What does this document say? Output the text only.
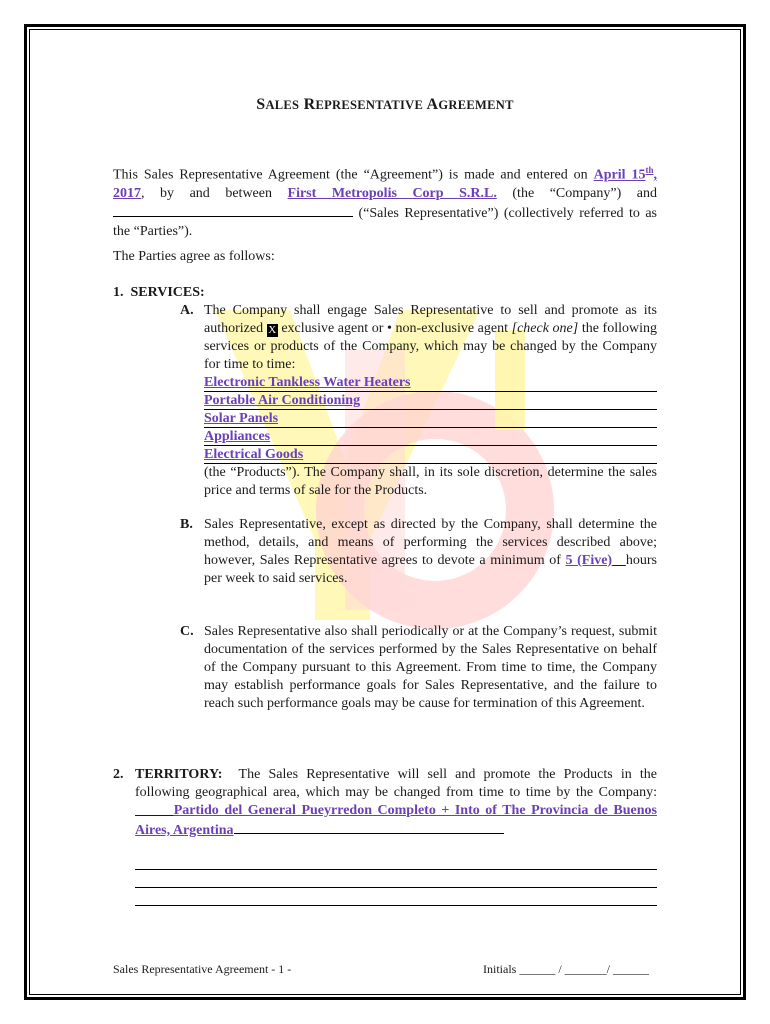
SALES REPRESENTATIVE AGREEMENT

This Sales Representative Agreement (the “Agreement”) is made and entered on April 15th, 2017, by and between First Metropolis Corp S.R.L. (the “Company”) and  (“Sales Representative”) (collectively referred to as the “Parties”).

The Parties agree as follows:
1. SERVICES:
A. The Company shall engage Sales Representative to sell and promote as its authorized X exclusive agent or • non-exclusive agent [check one] the following services or products of the Company, which may be changed by the Company for time to time:
Electronic Tankless Water Heaters
Portable Air Conditioning
Solar Panels
Appliances
Electrical Goods
(the “Products”). The Company shall, in its sole discretion, determine the sales price and terms of sale for the Products.
B. Sales Representative, except as directed by the Company, shall determine the method, details, and means of performing the services described above; however, Sales Representative agrees to devote a minimum of 5 (Five) hours per week to said services.
C. Sales Representative also shall periodically or at the Company’s request, submit documentation of the services performed by the Sales Representative on behalf of the Company pursuant to this Agreement. From time to time, the Company may establish performance goals for Sales Representative, and the failure to reach such performance goals may be cause for termination of this Agreement.
2. TERRITORY: The Sales Representative will sell and promote the Products in the following geographical area, which may be changed from time to time by the Company:        Partido del General Pueyrredon Completo + Into of The Provincia de Buenos Aires, Argentina
Sales Representative Agreement - 1 -	Initials ______ / _______/ ______
